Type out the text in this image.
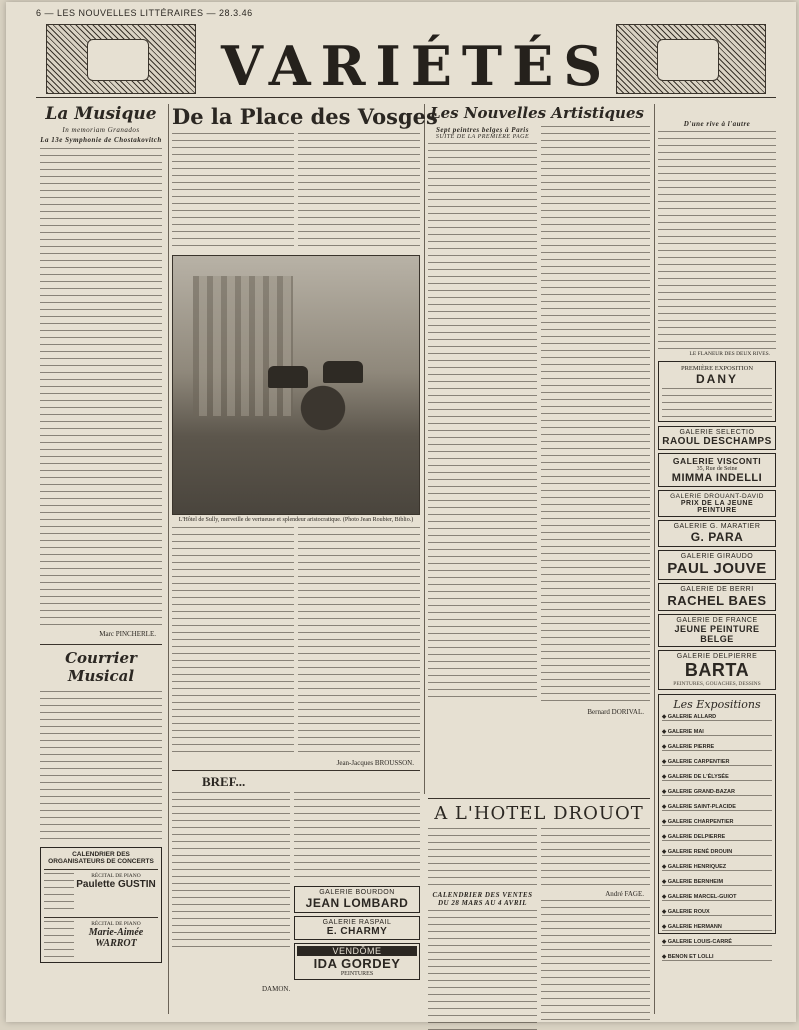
6 — LES NOUVELLES LITTÉRAIRES — 28.3.46
VARIÉTÉS
La Musique
In memoriam Granados
La 13e Symphonie de Chostakovitch
Marc PINCHERLE.
Courrier Musical
CALENDRIER DES ORGANISATEURS DE CONCERTS
RÉCITAL DE PIANO
Paulette GUSTIN
RÉCITAL DE PIANO
Marie-Aimée WARROT
De la Place des Vosges
L'Hôtel de Sully, merveille de vertueuse et splendeur aristocratique. (Photo Jean Roubier, Biblio.)
Jean-Jacques BROUSSON.
BREF...
GALERIE BOURDON
JEAN LOMBARD
GALERIE RASPAIL
E. CHARMY
VENDÔME
IDA GORDEY
PEINTURES
DAMON.
Les Nouvelles Artistiques
Sept peintres belges à Paris
SUITE DE LA PREMIÈRE PAGE
Bernard DORIVAL.
A L'HOTEL DROUOT
CALENDRIER DES VENTES DU 28 MARS AU 4 AVRIL
André FAGE.
D'une rive à l'autre
LE FLANEUR DES DEUX RIVES.
PREMIÈRE EXPOSITION
DANY
GALERIE SELECTIO
RAOUL DESCHAMPS
GALERIE VISCONTI
35, Rue de Seine
MIMMA INDELLI
GALERIE DROUANT-DAVID
PRIX DE LA JEUNE PEINTURE
GALERIE G. MARATIER
G. PARA
GALERIE GIRAUDO
PAUL JOUVE
GALERIE DE BERRI
RACHEL BAES
GALERIE DE FRANCE
JEUNE PEINTURE BELGE
GALERIE DELPIERRE
BARTA
PEINTURES, GOUACHES, DESSINS
Les Expositions
◆ GALERIE ALLARD
◆ GALERIE MAI
◆ GALERIE PIERRE
◆ GALERIE CARPENTIER
◆ GALERIE DE L'ÉLYSÉE
◆ GALERIE GRAND-BAZAR
◆ GALERIE SAINT-PLACIDE
◆ GALERIE CHARPENTIER
◆ GALERIE DELPIERRE
◆ GALERIE RENÉ DROUIN
◆ GALERIE HENRIQUEZ
◆ GALERIE BERNHEIM
◆ GALERIE MARCEL-GUIOT
◆ GALERIE ROUX
◆ GALERIE HERMANN
◆ GALERIE LOUIS-CARRÉ
◆ BENON ET LOLLI
